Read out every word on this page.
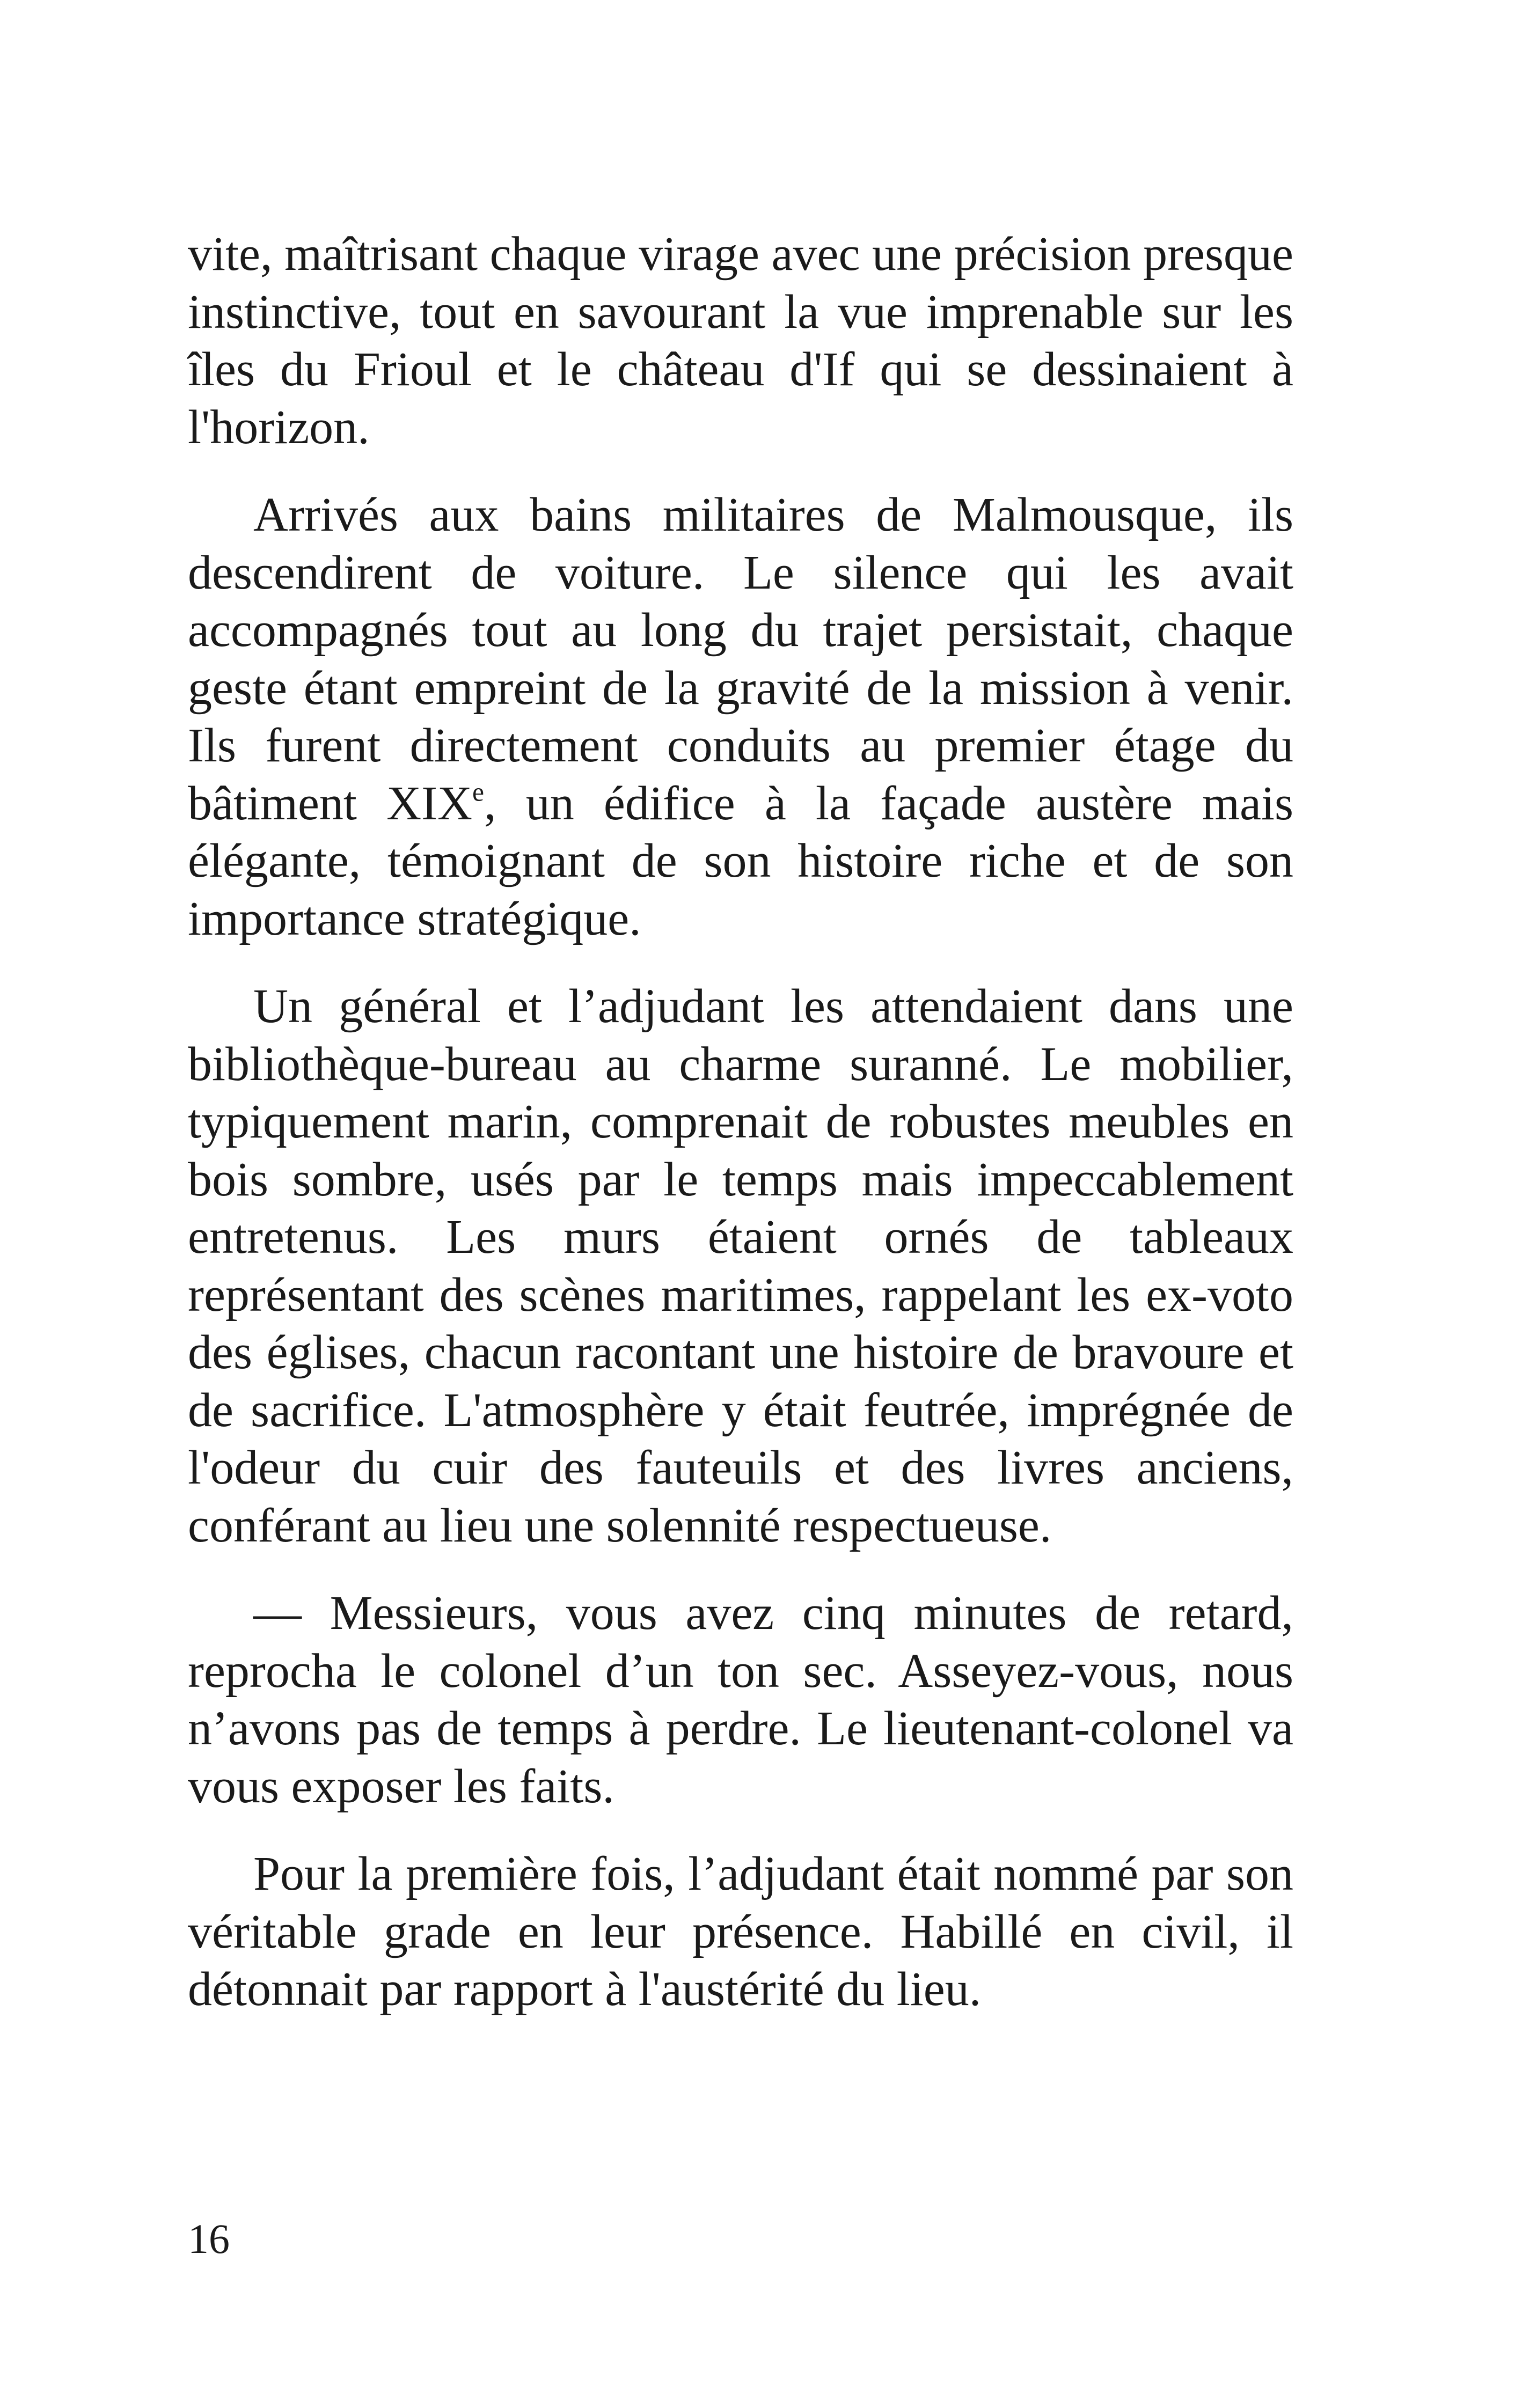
vite, maîtrisant chaque virage avec une précision presque instinctive, tout en savourant la vue imprenable sur les îles du Frioul et le château d'If qui se dessinaient à l'horizon.

Arrivés aux bains militaires de Malmousque, ils descendirent de voiture. Le silence qui les avait accompagnés tout au long du trajet persistait, chaque geste étant empreint de la gravité de la mission à venir. Ils furent directement conduits au premier étage du bâtiment XIXe, un édifice à la façade austère mais élégante, témoignant de son histoire riche et de son importance stratégique.

Un général et l’adjudant les attendaient dans une bibliothèque-bureau au charme suranné. Le mobilier, typiquement marin, comprenait de robustes meubles en bois sombre, usés par le temps mais impeccablement entretenus. Les murs étaient ornés de tableaux représentant des scènes maritimes, rappelant les ex-voto des églises, chacun racontant une histoire de bravoure et de sacrifice. L'atmosphère y était feutrée, imprégnée de l'odeur du cuir des fauteuils et des livres anciens, conférant au lieu une solennité respectueuse.

— Messieurs, vous avez cinq minutes de retard, reprocha le colonel d’un ton sec. Asseyez-vous, nous n’avons pas de temps à perdre. Le lieutenant-colonel va vous exposer les faits.

Pour la première fois, l’adjudant était nommé par son véritable grade en leur présence. Habillé en civil, il détonnait par rapport à l'austérité du lieu.

16
